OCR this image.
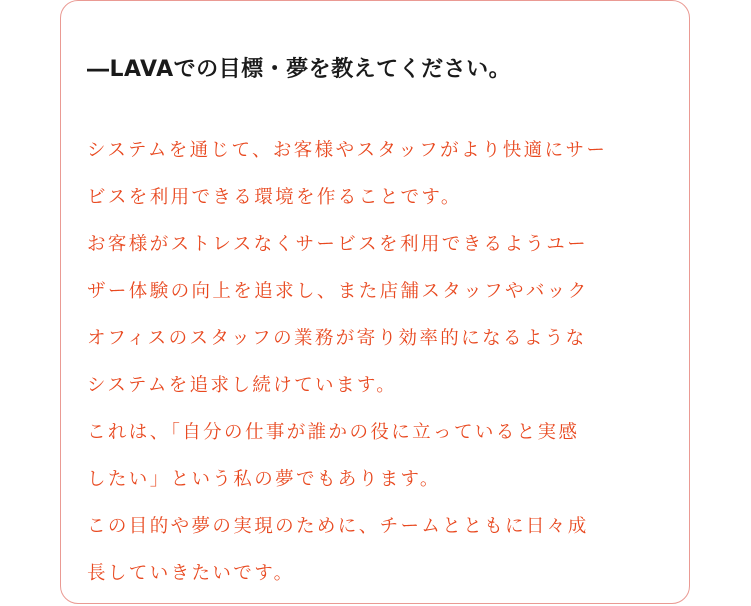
―LAVAでの目標・夢を教えてください。
システムを通じて、お客様やスタッフがより快適にサー
ビスを利用できる環境を作ることです。
お客様がストレスなくサービスを利用できるようユー
ザー体験の向上を追求し、また店舗スタッフやバック
オフィスのスタッフの業務が寄り効率的になるような
システムを追求し続けています。
これは、「自分の仕事が誰かの役に立っていると実感
したい」という私の夢でもあります。
この目的や夢の実現のために、チームとともに日々成
長していきたいです。
